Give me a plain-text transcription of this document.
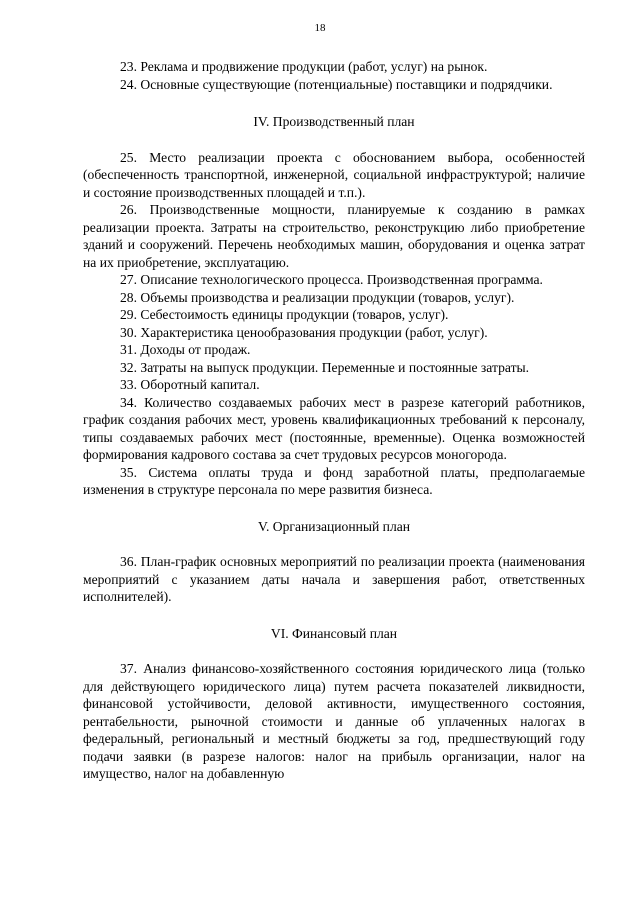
18

23. Реклама и продвижение продукции (работ, услуг) на рынок.

24. Основные существующие (потенциальные) поставщики и подрядчики.

IV. Производственный план

25. Место реализации проекта с обоснованием выбора, особенностей (обеспеченность транспортной, инженерной, социальной инфраструктурой; наличие и состояние производственных площадей и т.п.).

26. Производственные мощности, планируемые к созданию в рамках реализации проекта. Затраты на строительство, реконструкцию либо приобретение зданий и сооружений. Перечень необходимых машин, оборудования и оценка затрат на их приобретение, эксплуатацию.

27. Описание технологического процесса. Производственная программа.

28. Объемы производства и реализации продукции (товаров, услуг).

29. Себестоимость единицы продукции (товаров, услуг).

30. Характеристика ценообразования продукции (работ, услуг).

31. Доходы от продаж.

32. Затраты на выпуск продукции. Переменные и постоянные затраты.

33. Оборотный капитал.

34. Количество создаваемых рабочих мест в разрезе категорий работников, график создания рабочих мест, уровень квалификационных требований к персоналу, типы создаваемых рабочих мест (постоянные, временные). Оценка возможностей формирования кадрового состава за счет трудовых ресурсов моногорода.

35. Система оплаты труда и фонд заработной платы, предполагаемые изменения в структуре персонала по мере развития бизнеса.

V. Организационный план

36. План-график основных мероприятий по реализации проекта (наименования мероприятий с указанием даты начала и завершения работ, ответственных исполнителей).

VI. Финансовый план

37. Анализ финансово-хозяйственного состояния юридического лица (только для действующего юридического лица) путем расчета показателей ликвидности, финансовой устойчивости, деловой активности, имущественного состояния, рентабельности, рыночной стоимости и данные об уплаченных налогах в федеральный, региональный и местный бюджеты за год, предшествующий году подачи заявки (в разрезе налогов: налог на прибыль организации, налог на имущество, налог на добавленную
